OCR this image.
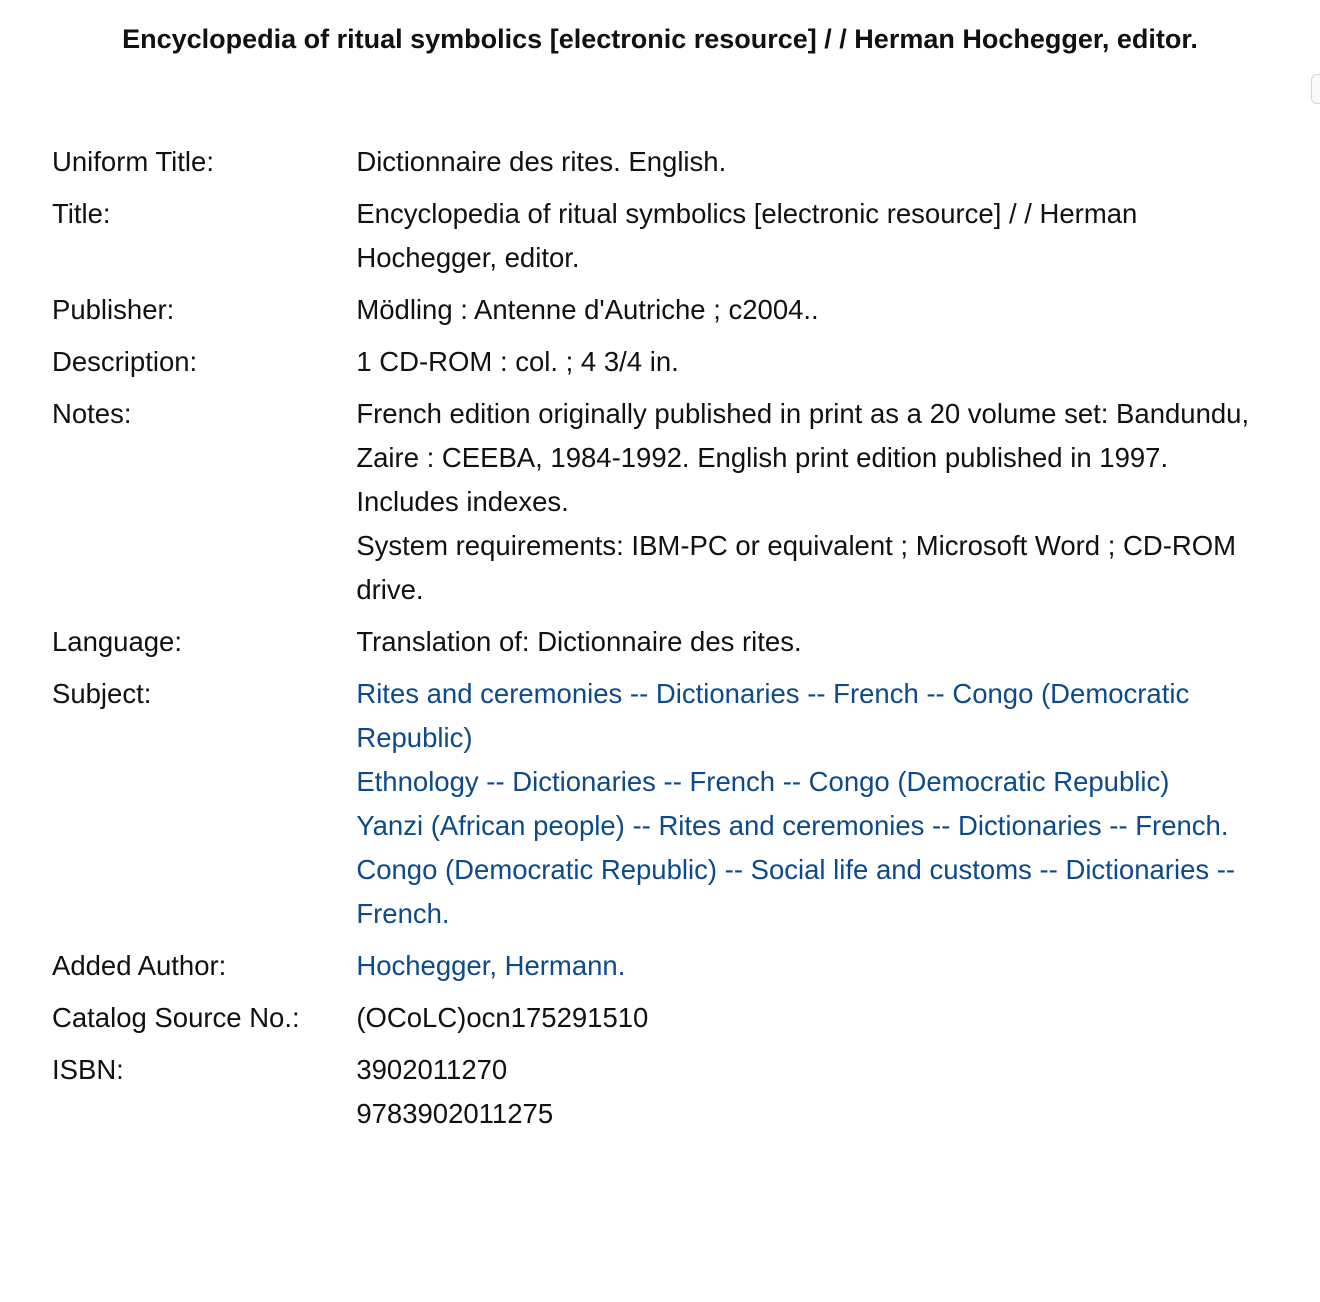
Encyclopedia of ritual symbolics [electronic resource] / / Herman Hochegger, editor.
Uniform Title:	Dictionnaire des rites. English.
Title:	Encyclopedia of ritual symbolics [electronic resource] / / Herman Hochegger, editor.
Publisher:	Mödling : Antenne d'Autriche ; c2004..
Description:	1 CD-ROM : col. ; 4 3/4 in.
Notes:	French edition originally published in print as a 20 volume set: Bandundu, Zaire : CEEBA, 1984-1992. English print edition published in 1997.
Includes indexes.
System requirements: IBM-PC or equivalent ; Microsoft Word ; CD-ROM drive.

Language:	Translation of: Dictionnaire des rites.
Subject:	Rites and ceremonies -- Dictionaries -- French -- Congo (Democratic Republic)
Ethnology -- Dictionaries -- French -- Congo (Democratic Republic)
Yanzi (African people) -- Rites and ceremonies -- Dictionaries -- French.
Congo (Democratic Republic) -- Social life and customs -- Dictionaries -- French.

Added Author:	Hochegger, Hermann.

Catalog Source No.:	(OCoLC)ocn175291510
ISBN:	3902011270
9783902011275
